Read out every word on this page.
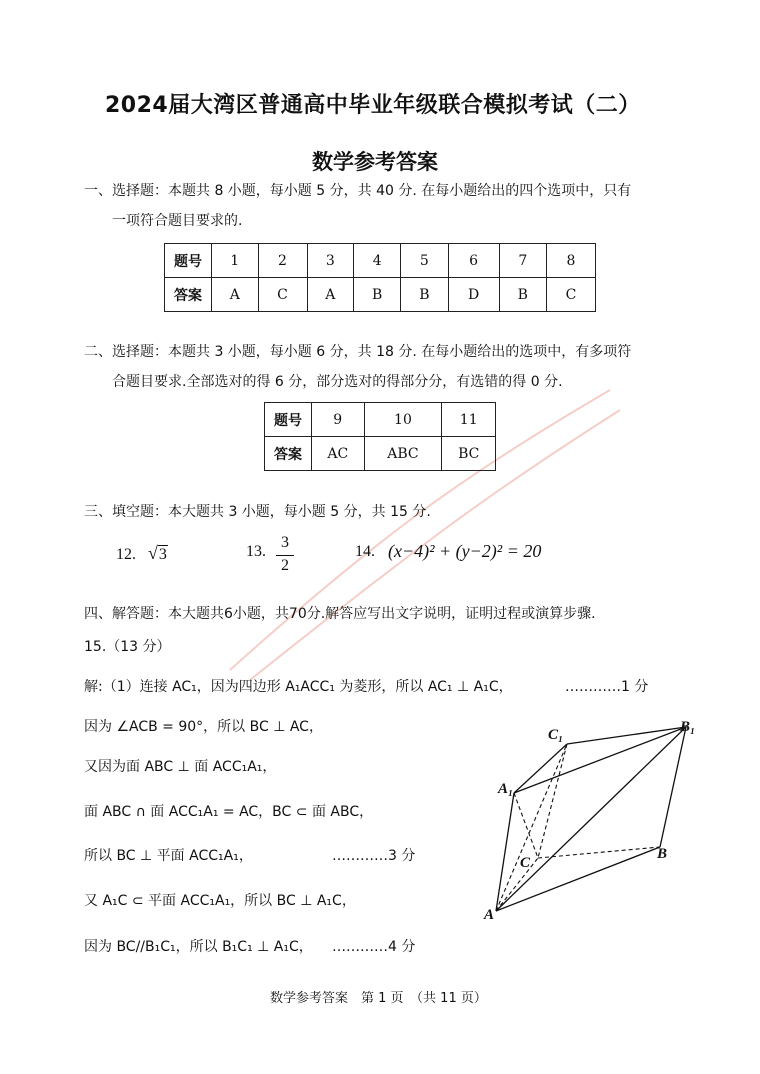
2024届大湾区普通高中毕业年级联合模拟考试（二）
数学参考答案
一、选择题：本题共 8 小题，每小题 5 分，共 40 分. 在每小题给出的四个选项中，只有
一项符合题目要求的.
题号	1	2	3	4	5	6	7	8
答案	A	C	A	B	B	D	B	C
二、选择题：本题共 3 小题，每小题 6 分，共 18 分. 在每小题给出的选项中，有多项符
合题目要求.全部选对的得 6 分，部分选对的得部分分，有选错的得 0 分.
题号	9	10	11
答案	AC	ABC	BC
三、填空题：本大题共 3 小题，每小题 5 分，共 15 分.
12. √3	13. $\frac{3}{2}$	14. (x−4)² + (y−2)² = 20
四、解答题：本大题共6小题，共70分.解答应写出文字说明，证明过程或演算步骤.
15.（13 分）
解:（1）连接 AC₁，因为四边形 A₁ACC₁ 为菱形，所以 AC₁ ⊥ A₁C，	…………1 分
因为 ∠ACB = 90°，所以 BC ⊥ AC，
又因为面 ABC ⊥ 面 ACC₁A₁，
面 ABC ∩ 面 ACC₁A₁ = AC，BC ⊂ 面 ABC，
所以 BC ⊥ 平面 ACC₁A₁，	…………3 分
又 A₁C ⊂ 平面 ACC₁A₁，所以 BC ⊥ A₁C，
因为 BC//B₁C₁，所以 B₁C₁ ⊥ A₁C， …………4 分
C₁	B₁
A₁
C
B
A
数学参考答案　第 1 页　（共 11 页）
